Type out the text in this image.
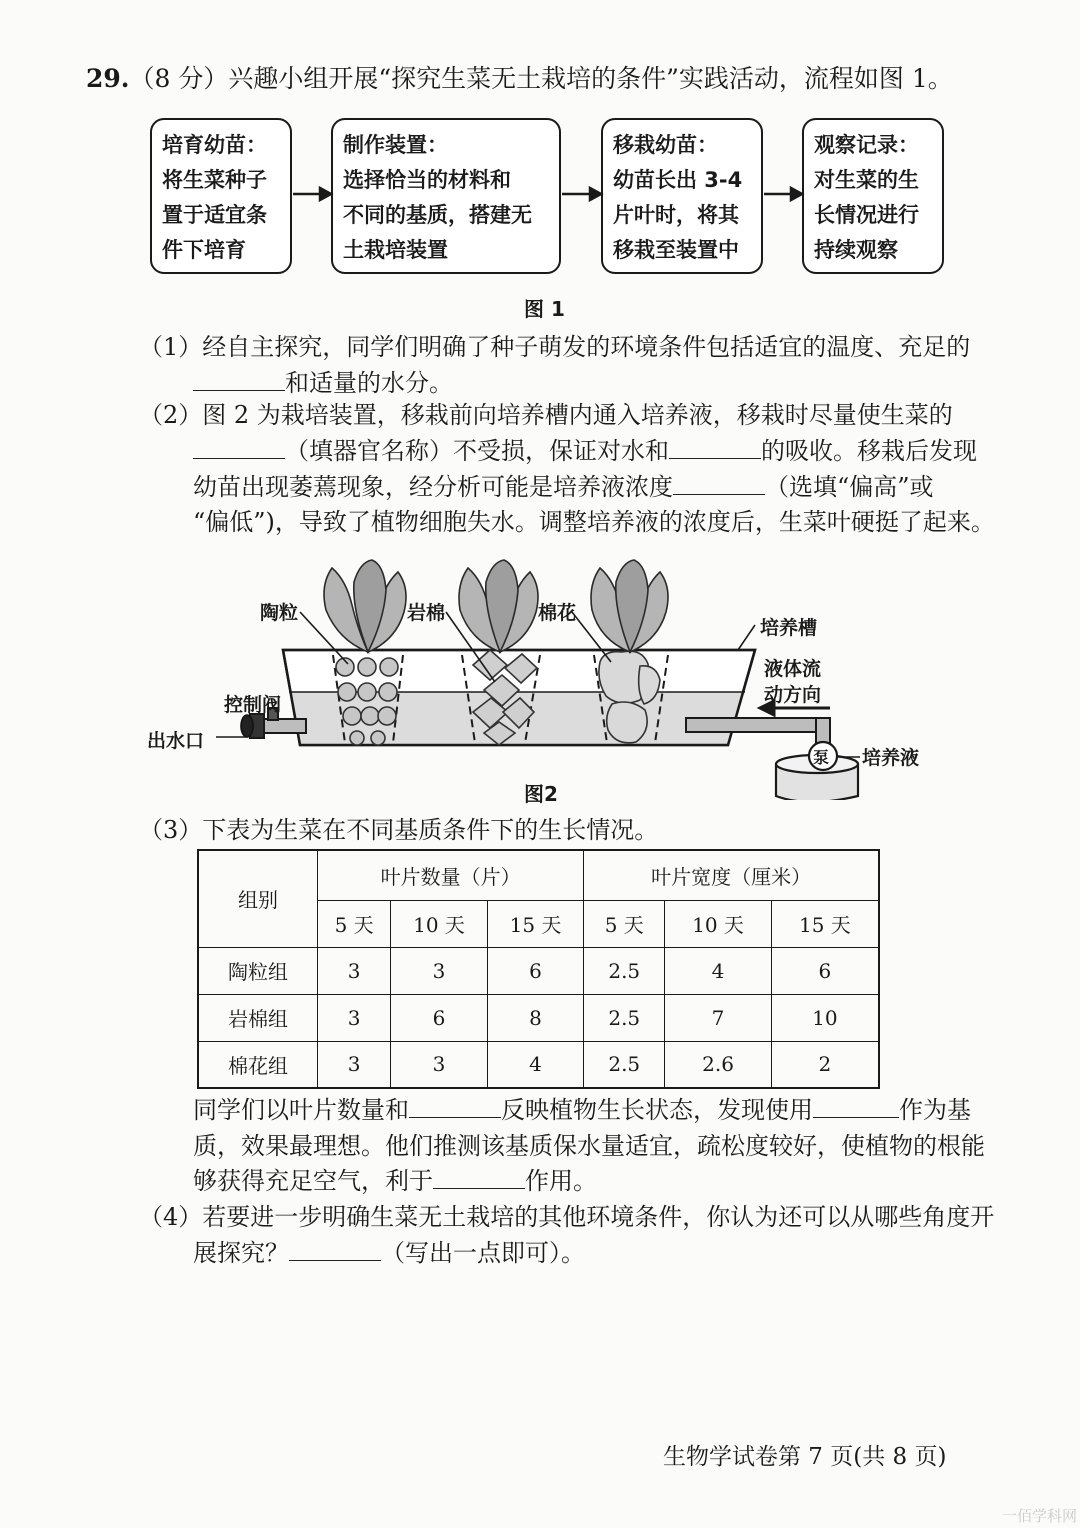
29.（8 分）兴趣小组开展“探究生菜无土栽培的条件”实践活动，流程如图 1。
培育幼苗：
将生菜种子
置于适宜条
件下培育
制作装置：
选择恰当的材料和
不同的基质，搭建无
土栽培装置
移栽幼苗：
幼苗长出 3-4
片叶时，将其
移栽至装置中
观察记录：
对生菜的生
长情况进行
持续观察
图 1
（1）经自主探究，同学们明确了种子萌发的环境条件包括适宜的温度、充足的
和适量的水分。
（2）图 2 为栽培装置，移栽前向培养槽内通入培养液，移栽时尽量使生菜的
（填器官名称）不受损，保证对水和	的吸收。移栽后发现
幼苗出现萎蔫现象，经分析可能是培养液浓度	（选填“偏高”或
“偏低”)，导致了植物细胞失水。调整培养液的浓度后，生菜叶硬挺了起来。
陶粒	岩棉	棉花
培养槽
液体流
动方向
控制阀
出水口
泵 培养液
图2
（3）下表为生菜在不同基质条件下的生长情况。
组别	叶片数量（片）			叶片宽度（厘米）		
	5 天	10 天	15 天	5 天	10 天	15 天
陶粒组	3	3	6	2.5	4	6
岩棉组	3	6	8	2.5	7	10
棉花组	3	3	4	2.5	2.6	2
同学们以叶片数量和	反映植物生长状态，发现使用	作为基
质，效果最理想。他们推测该基质保水量适宜，疏松度较好，使植物的根能
够获得充足空气，利于	作用。
（4）若要进一步明确生菜无土栽培的其他环境条件，你认为还可以从哪些角度开
展探究？	（写出一点即可）。
生物学试卷第 7 页(共 8 页)
一佰学科网
